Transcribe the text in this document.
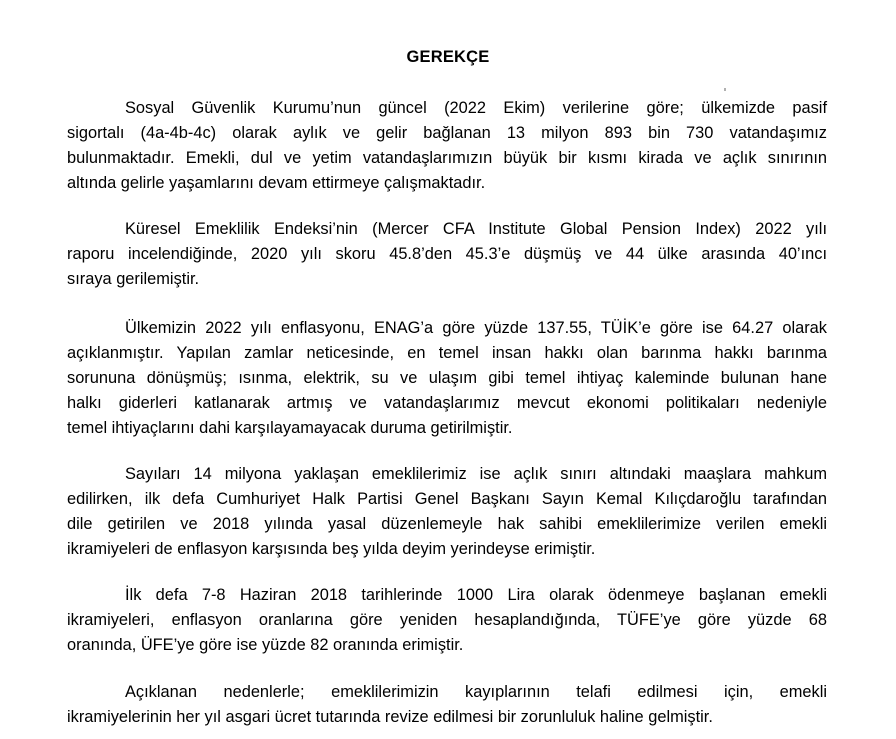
GEREKÇE
Sosyal Güvenlik Kurumu’nun güncel (2022 Ekim) verilerine göre; ülkemizde pasif
sigortalı (4a-4b-4c) olarak aylık ve gelir bağlanan 13 milyon 893 bin 730 vatandaşımız
bulunmaktadır. Emekli, dul ve yetim vatandaşlarımızın büyük bir kısmı kirada ve açlık sınırının
altında gelirle yaşamlarını devam ettirmeye çalışmaktadır.
Küresel Emeklilik Endeksi’nin (Mercer CFA Institute Global Pension Index) 2022 yılı
raporu incelendiğinde, 2020 yılı skoru 45.8’den 45.3’e düşmüş ve 44 ülke arasında 40’ıncı
sıraya gerilemiştir.
Ülkemizin 2022 yılı enflasyonu, ENAG’a göre yüzde 137.55, TÜİK’e göre ise 64.27 olarak
açıklanmıştır. Yapılan zamlar neticesinde, en temel insan hakkı olan barınma hakkı barınma
sorununa dönüşmüş; ısınma, elektrik, su ve ulaşım gibi temel ihtiyaç kaleminde bulunan hane
halkı giderleri katlanarak artmış ve vatandaşlarımız mevcut ekonomi politikaları nedeniyle
temel ihtiyaçlarını dahi karşılayamayacak duruma getirilmiştir.
Sayıları 14 milyona yaklaşan emeklilerimiz ise açlık sınırı altındaki maaşlara mahkum
edilirken, ilk defa Cumhuriyet Halk Partisi Genel Başkanı Sayın Kemal Kılıçdaroğlu tarafından
dile getirilen ve 2018 yılında yasal düzenlemeyle hak sahibi emeklilerimize verilen emekli
ikramiyeleri de enflasyon karşısında beş yılda deyim yerindeyse erimiştir.
İlk defa 7-8 Haziran 2018 tarihlerinde 1000 Lira olarak ödenmeye başlanan emekli
ikramiyeleri, enflasyon oranlarına göre yeniden hesaplandığında, TÜFE’ye göre yüzde 68
oranında, ÜFE’ye göre ise yüzde 82 oranında erimiştir.
Açıklanan nedenlerle; emeklilerimizin kayıplarının telafi edilmesi için, emekli
ikramiyelerinin her yıl asgari ücret tutarında revize edilmesi bir zorunluluk haline gelmiştir.
